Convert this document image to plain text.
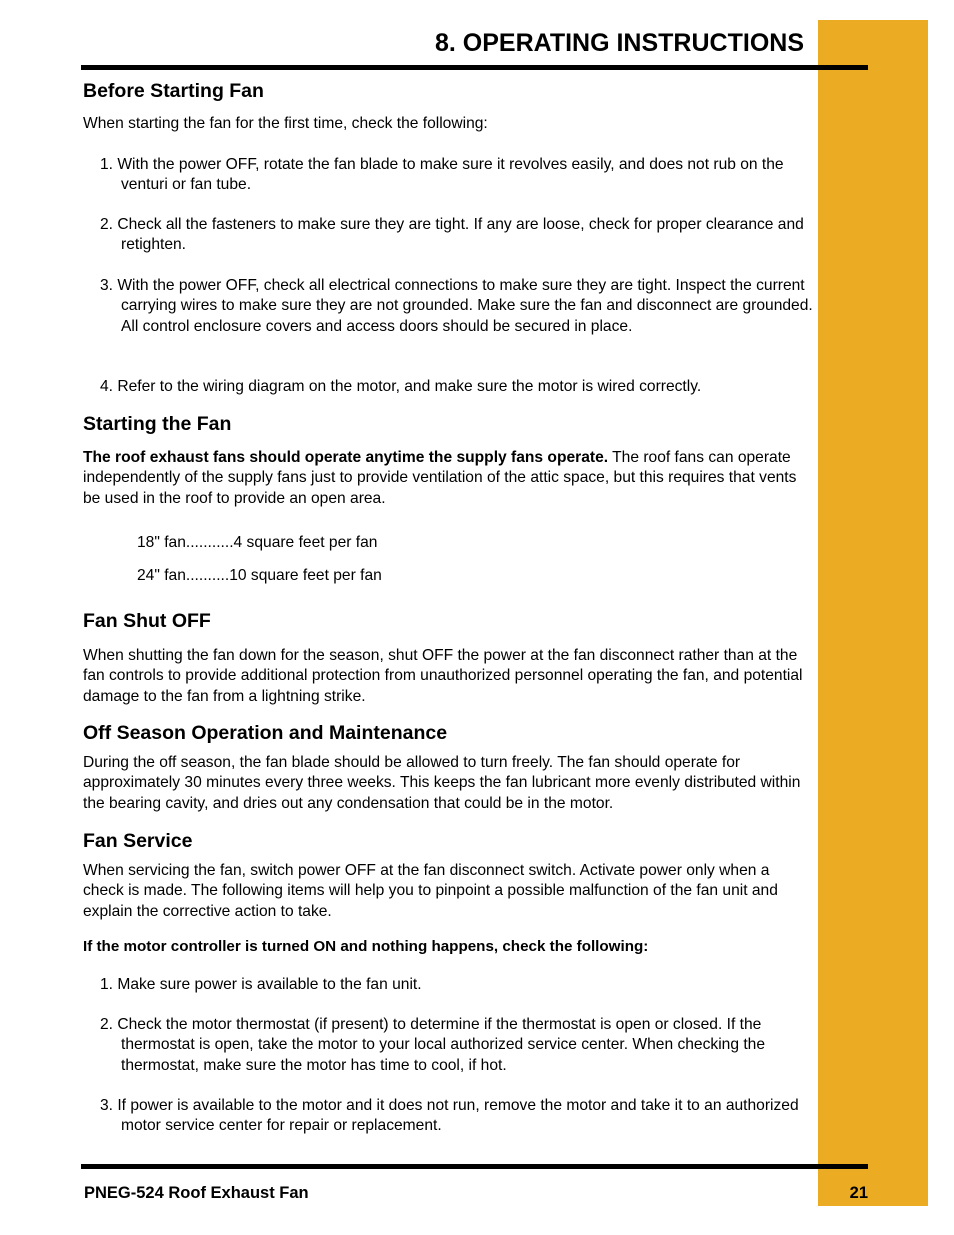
8. OPERATING INSTRUCTIONS
Before Starting Fan
When starting the fan for the first time, check the following:
1. With the power OFF, rotate the fan blade to make sure it revolves easily, and does not rub on the venturi or fan tube.
2. Check all the fasteners to make sure they are tight. If any are loose, check for proper clearance and retighten.
3. With the power OFF, check all electrical connections to make sure they are tight. Inspect the current carrying wires to make sure they are not grounded. Make sure the fan and disconnect are grounded. All control enclosure covers and access doors should be secured in place.
4. Refer to the wiring diagram on the motor, and make sure the motor is wired correctly.
Starting the Fan
The roof exhaust fans should operate anytime the supply fans operate. The roof fans can operate independently of the supply fans just to provide ventilation of the attic space, but this requires that vents be used in the roof to provide an open area.
18" fan...........4 square feet per fan
24" fan..........10 square feet per fan
Fan Shut OFF
When shutting the fan down for the season, shut OFF the power at the fan disconnect rather than at the fan controls to provide additional protection from unauthorized personnel operating the fan, and potential damage to the fan from a lightning strike.
Off Season Operation and Maintenance
During the off season, the fan blade should be allowed to turn freely. The fan should operate for approximately 30 minutes every three weeks. This keeps the fan lubricant more evenly distributed within the bearing cavity, and dries out any condensation that could be in the motor.
Fan Service
When servicing the fan, switch power OFF at the fan disconnect switch. Activate power only when a check is made. The following items will help you to pinpoint a possible malfunction of the fan unit and explain the corrective action to take.
If the motor controller is turned ON and nothing happens, check the following:
1. Make sure power is available to the fan unit.
2. Check the motor thermostat (if present) to determine if the thermostat is open or closed. If the thermostat is open, take the motor to your local authorized service center. When checking the thermostat, make sure the motor has time to cool, if hot.
3. If power is available to the motor and it does not run, remove the motor and take it to an authorized motor service center for repair or replacement.
PNEG-524 Roof Exhaust Fan	21
